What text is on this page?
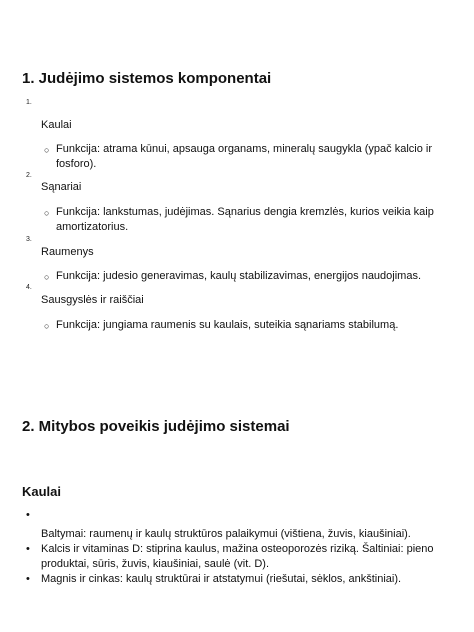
1. Judėjimo sistemos komponentai
1.
Kaulai
○ Funkcija: atrama kūnui, apsauga organams, mineralų saugykla (ypač kalcio ir fosforo).
2.
Sąnariai
○ Funkcija: lankstumas, judėjimas. Sąnarius dengia kremzlės, kurios veikia kaip amortizatorius.
3.
Raumenys
○ Funkcija: judesio generavimas, kaulų stabilizavimas, energijos naudojimas.
4.
Sausgyslės ir raiščiai
○ Funkcija: jungiama raumenis su kaulais, suteikia sąnariams stabilumą.
2. Mitybos poveikis judėjimo sistemai
Kaulai
•
Baltymai: raumenų ir kaulų struktūros palaikymui (vištiena, žuvis, kiaušiniai).
•	Kalcis ir vitaminas D: stiprina kaulus, mažina osteoporozės riziką. Šaltiniai: pieno produktai, sūris, žuvis, kiaušiniai, saulė (vit. D).
•	Magnis ir cinkas: kaulų struktūrai ir atstatymui (riešutai, sėklos, ankštiniai).
